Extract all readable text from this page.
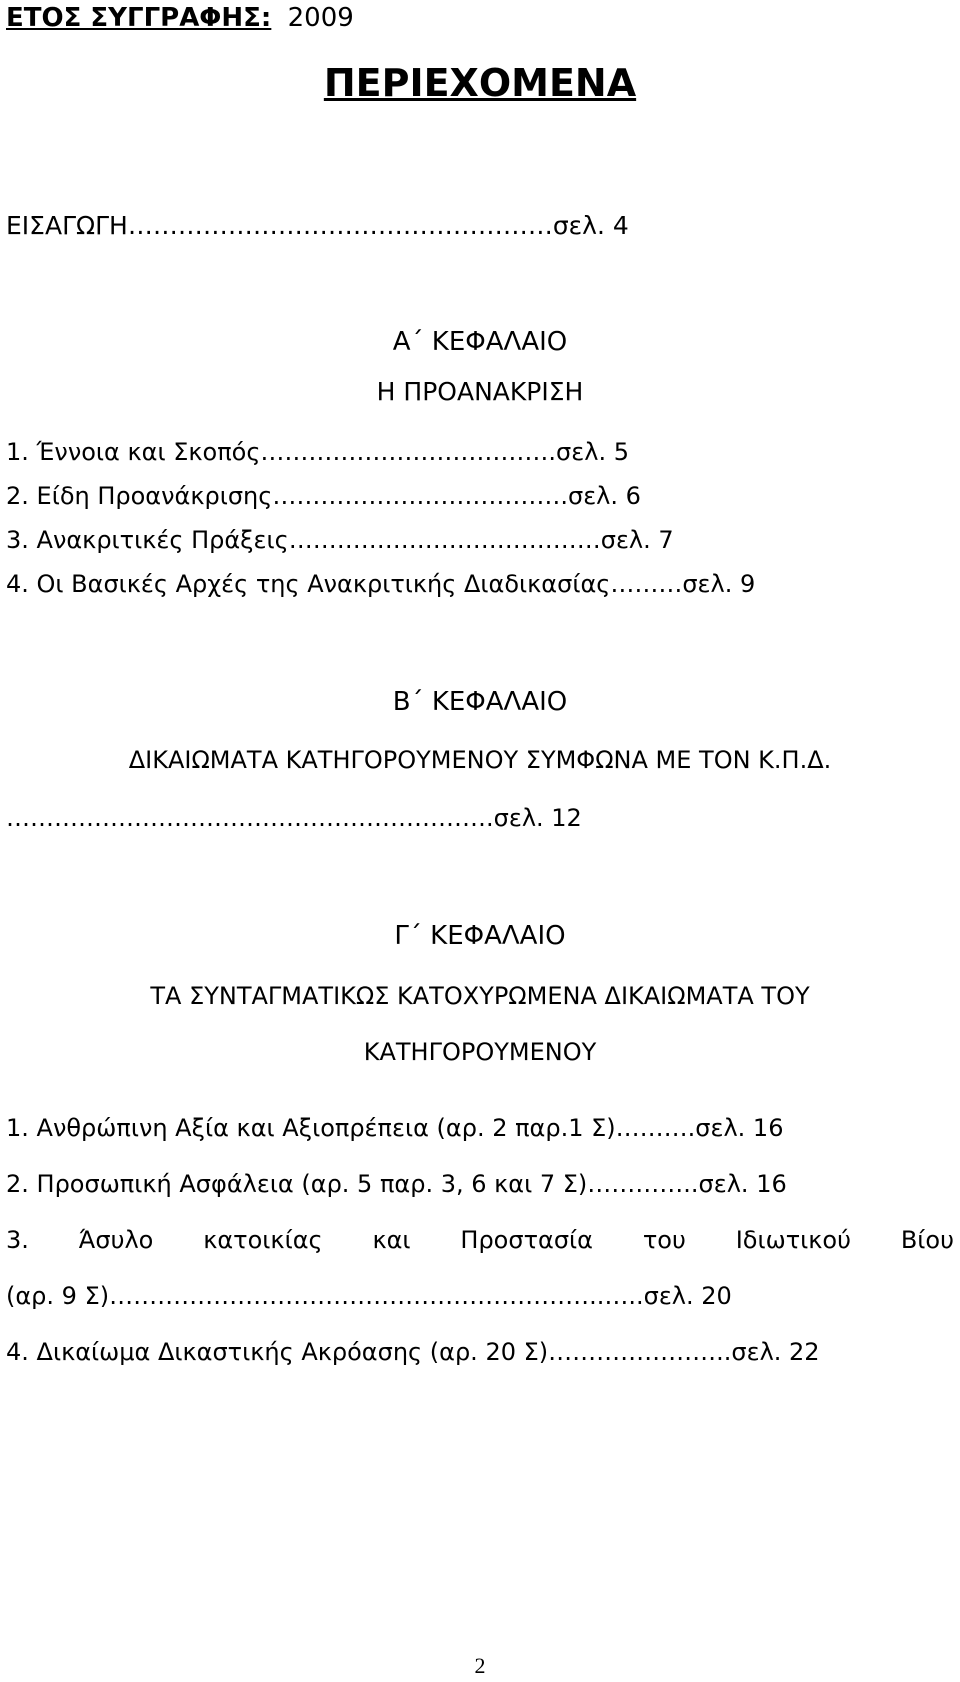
ΕΤΟΣ ΣΥΓΓΡΑΦΗΣ: 2009
ΠΕΡΙΕΧΟΜΕΝΑ
ΕΙΣΑΓΩΓΗ……………………………………………σελ. 4
Α΄ ΚΕΦΑΛΑΙΟ
Η ΠΡΟΑΝΑΚΡΙΣΗ
1. Έννοια και Σκοπός……………………………….σελ. 5
2. Είδη Προανάκρισης……………………………….σελ. 6
3. Ανακριτικές Πράξεις…………………………………σελ. 7
4. Οι Βασικές Αρχές της Ανακριτικής Διαδικασίας………σελ. 9
Β΄ ΚΕΦΑΛΑΙΟ
ΔΙΚΑΙΩΜΑΤΑ ΚΑΤΗΓΟΡΟΥΜΕΝΟΥ ΣΥΜΦΩΝΑ ΜΕ ΤΟΝ Κ.Π.Δ.
…………………………………………………….σελ. 12
Γ΄ ΚΕΦΑΛΑΙΟ
ΤΑ ΣΥΝΤΑΓΜΑΤΙΚΩΣ ΚΑΤΟΧΥΡΩΜΕΝΑ ΔΙΚΑΙΩΜΑΤΑ ΤΟΥ
ΚΑΤΗΓΟΡΟΥΜΕΝΟΥ
1. Ανθρώπινη Αξία και Αξιοπρέπεια (αρ. 2 παρ.1 Σ)……….σελ. 16
2. Προσωπική Ασφάλεια (αρ. 5 παρ. 3, 6 και 7 Σ)…………..σελ. 16
3. Άσυλο κατοικίας και Προστασία του Ιδιωτικού Βίου
(αρ. 9 Σ)……………………………………………………..…..σελ. 20
4. Δικαίωμα Δικαστικής Ακρόασης (αρ. 20 Σ)…………………..σελ. 22
2
